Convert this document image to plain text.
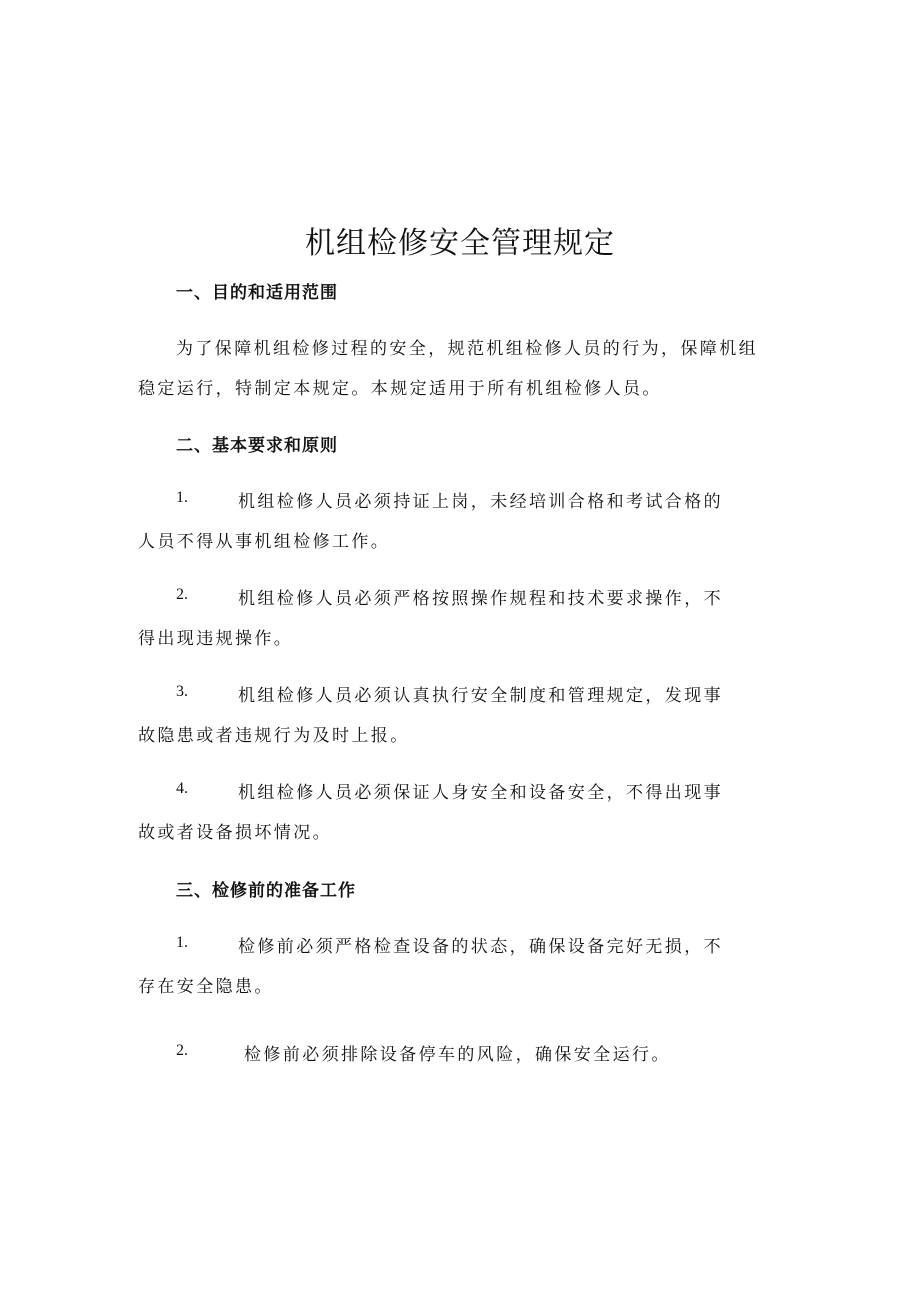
机组检修安全管理规定
一、目的和适用范围
为了保障机组检修过程的安全，规范机组检修人员的行为，保障机组
稳定运行，特制定本规定。本规定适用于所有机组检修人员。
二、基本要求和原则
1.	机组检修人员必须持证上岗，未经培训合格和考试合格的
人员不得从事机组检修工作。
2.	机组检修人员必须严格按照操作规程和技术要求操作，不
得出现违规操作。
3.	机组检修人员必须认真执行安全制度和管理规定，发现事
故隐患或者违规行为及时上报。
4.	机组检修人员必须保证人身安全和设备安全，不得出现事
故或者设备损坏情况。
三、检修前的准备工作
1.	检修前必须严格检查设备的状态，确保设备完好无损，不
存在安全隐患。
2.	检修前必须排除设备停车的风险，确保安全运行。
